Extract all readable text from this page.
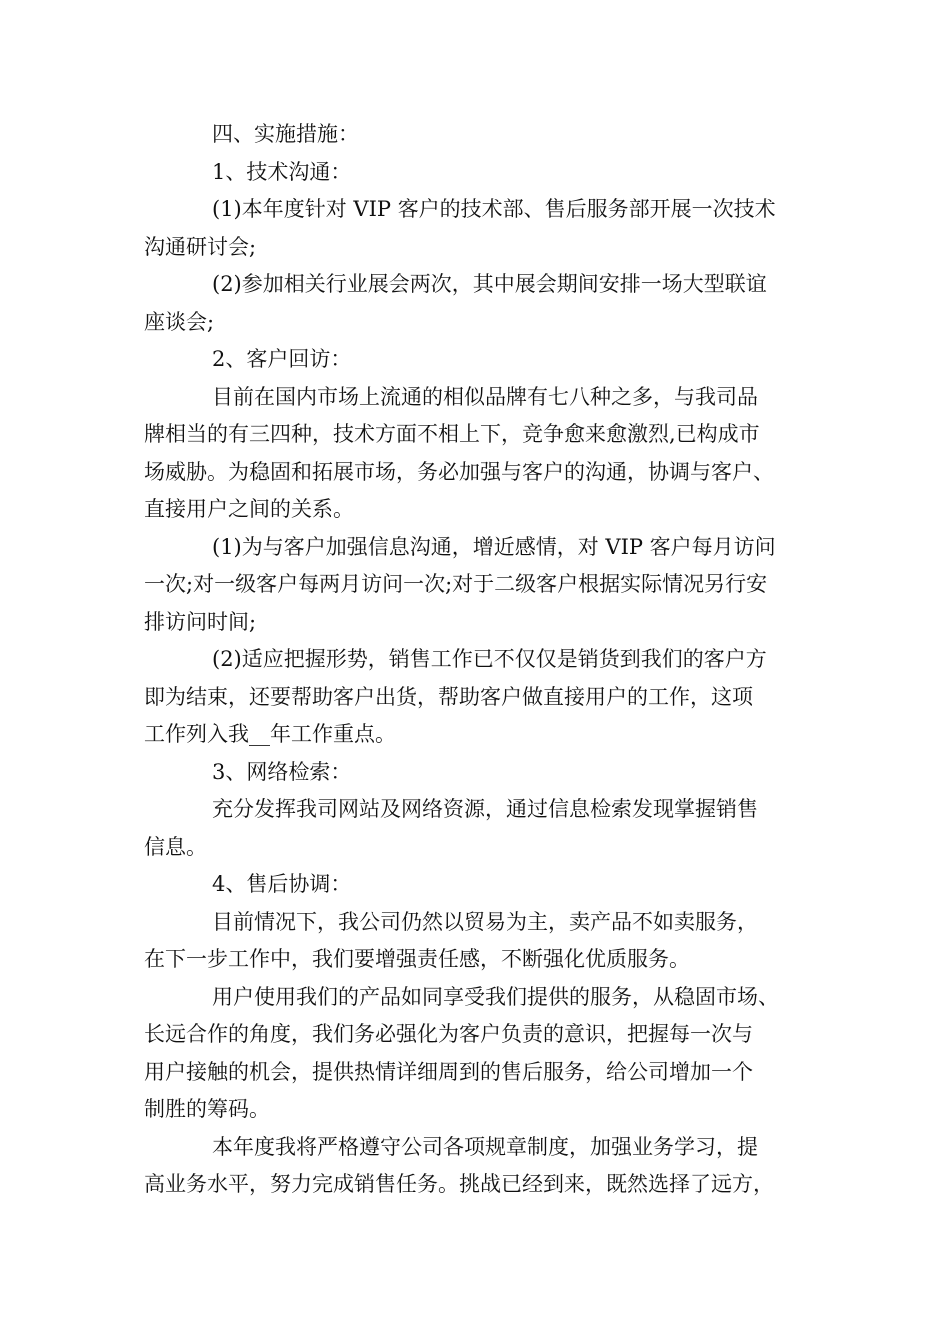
四、实施措施：
1、技术沟通：
(1)本年度针对 VIP 客户的技术部、售后服务部开展一次技术
沟通研讨会;
(2)参加相关行业展会两次，其中展会期间安排一场大型联谊
座谈会;
2、客户回访：
目前在国内市场上流通的相似品牌有七八种之多，与我司品
牌相当的有三四种，技术方面不相上下，竞争愈来愈激烈,已构成市
场威胁。为稳固和拓展市场，务必加强与客户的沟通，协调与客户、
直接用户之间的关系。
(1)为与客户加强信息沟通，增近感情，对 VIP 客户每月访问
一次;对一级客户每两月访问一次;对于二级客户根据实际情况另行安
排访问时间;
(2)适应把握形势，销售工作已不仅仅是销货到我们的客户方
即为结束，还要帮助客户出货，帮助客户做直接用户的工作，这项
工作列入我__年工作重点。
3、网络检索：
充分发挥我司网站及网络资源，通过信息检索发现掌握销售
信息。
4、售后协调：
目前情况下，我公司仍然以贸易为主，卖产品不如卖服务，
在下一步工作中，我们要增强责任感，不断强化优质服务。
用户使用我们的产品如同享受我们提供的服务，从稳固市场、
长远合作的角度，我们务必强化为客户负责的意识，把握每一次与
用户接触的机会，提供热情详细周到的售后服务，给公司增加一个
制胜的筹码。
本年度我将严格遵守公司各项规章制度，加强业务学习，提
高业务水平，努力完成销售任务。挑战已经到来，既然选择了远方，
